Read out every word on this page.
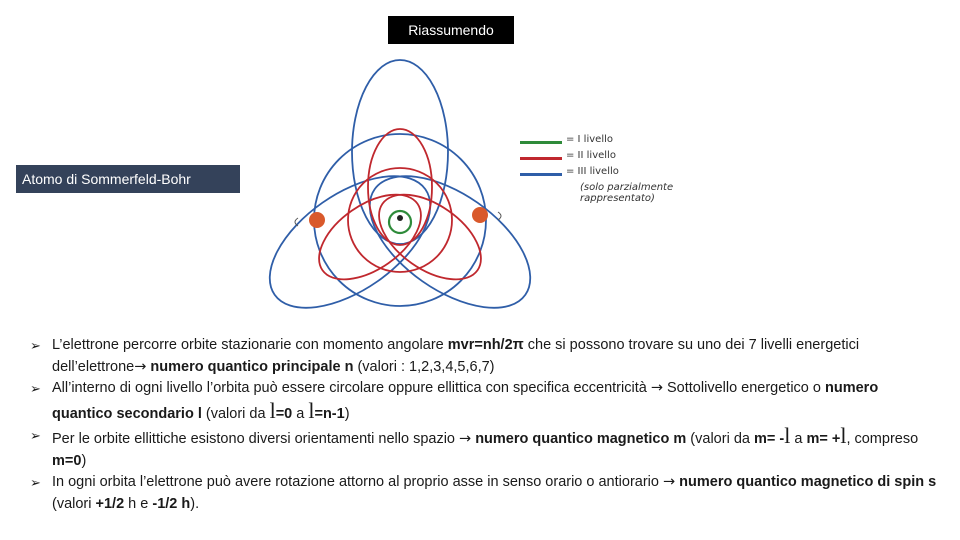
Riassumendo
Atomo di Sommerfeld-Bohr
= I livello
= II livello
= III livello
(solo parzialmente rappresentato)
➢ L’elettrone percorre orbite stazionarie con momento angolare mvr=nh/2π che si possono trovare su uno dei 7 livelli energetici dell’elettrone→ numero quantico principale n (valori : 1,2,3,4,5,6,7)
➢ All’interno di ogni livello l’orbita può essere circolare oppure ellittica con specifica eccentricità → Sottolivello energetico o numero quantico secondario l (valori da l=0 a l=n-1)
➢ Per le orbite ellittiche esistono diversi orientamenti nello spazio → numero quantico magnetico m (valori da m= -l a m= +l, compreso m=0)
➢ In ogni orbita l’elettrone può avere rotazione attorno al proprio asse in senso orario o antiorario → numero quantico magnetico di spin s (valori +1/2 h e -1/2 h).
